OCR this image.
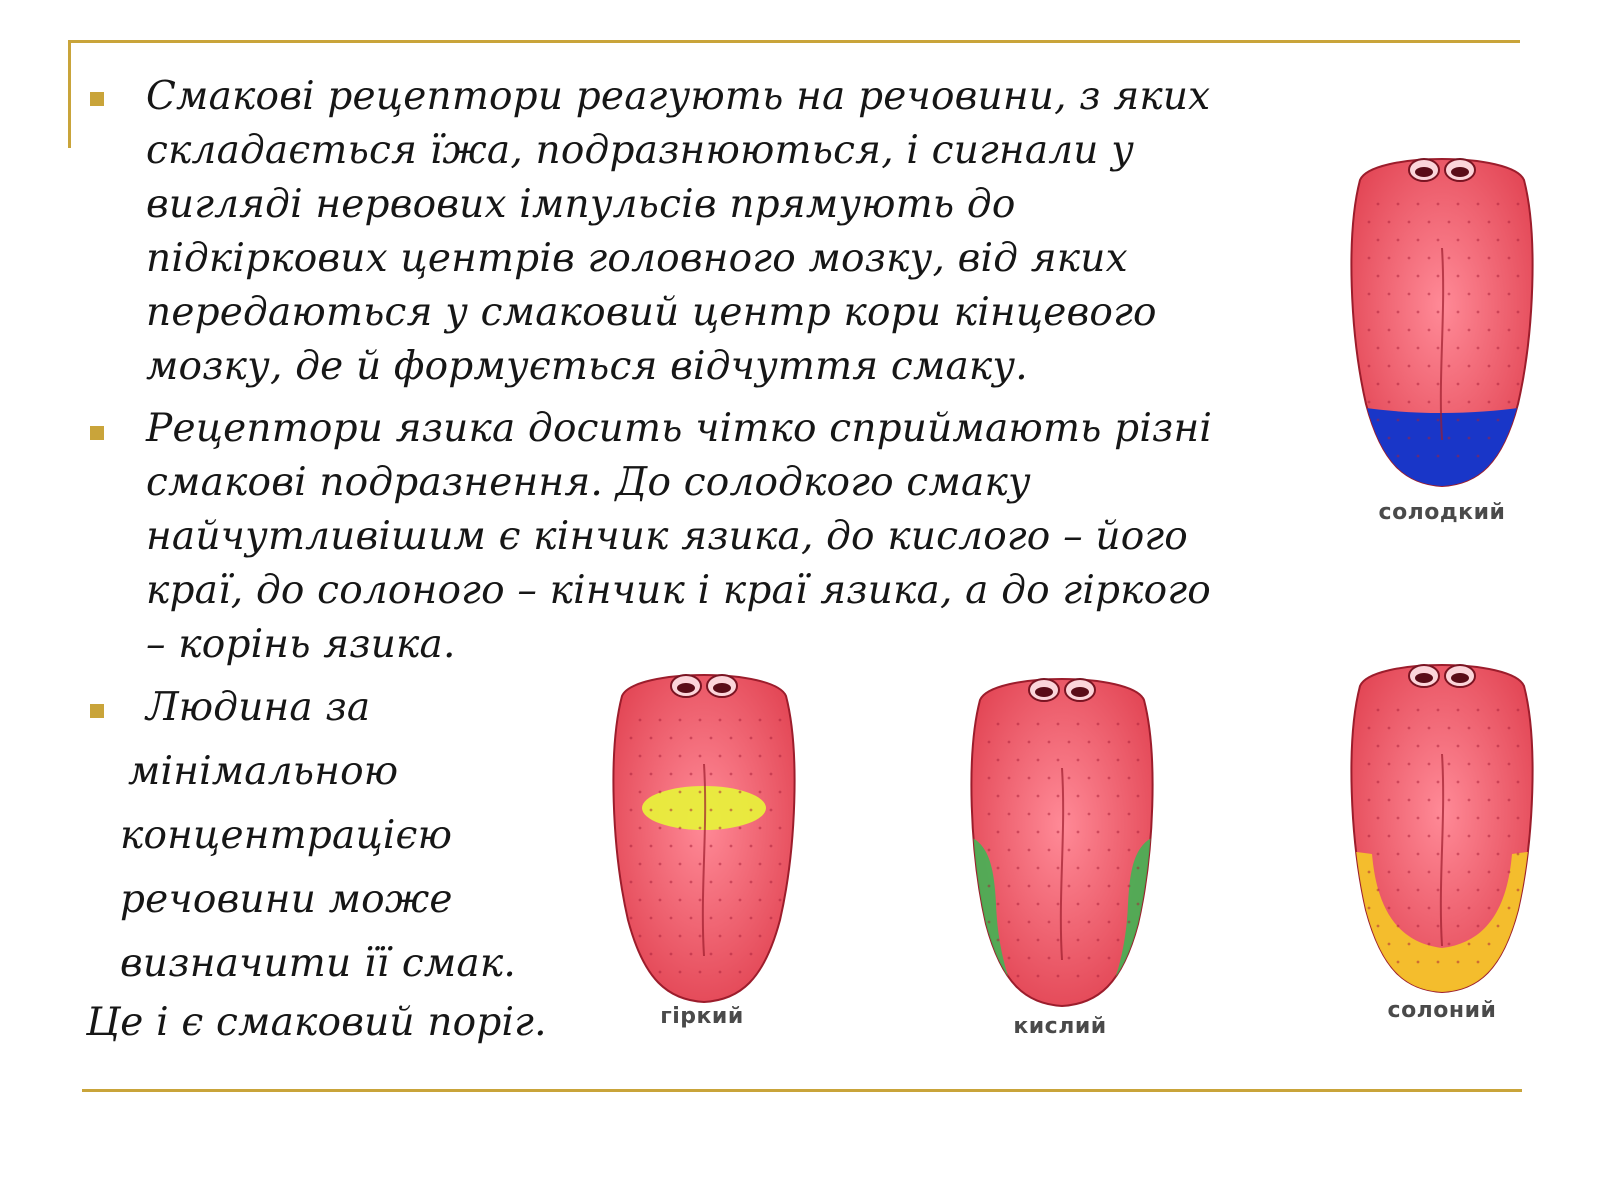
Смакові рецептори реагують на речовини, з яких
складається їжа, подразнюються, і сигнали у
вигляді нервових імпульсів прямують до
підкіркових центрів головного мозку, від яких
передаються у смаковий центр кори кінцевого
мозку, де й формується відчуття смаку.

Рецептори язика досить чітко сприймають різні
смакові подразнення. До солодкого смаку
найчутливішим є кінчик язика, до кислого – його
краї, до солоного – кінчик і краї язика, а до гіркого
– корінь язика.

Людина за
мінімальною
концентрацією
речовини може
визначити її смак.

Це і є смаковий поріг.

солодкий
гіркий	кислий
солоний
